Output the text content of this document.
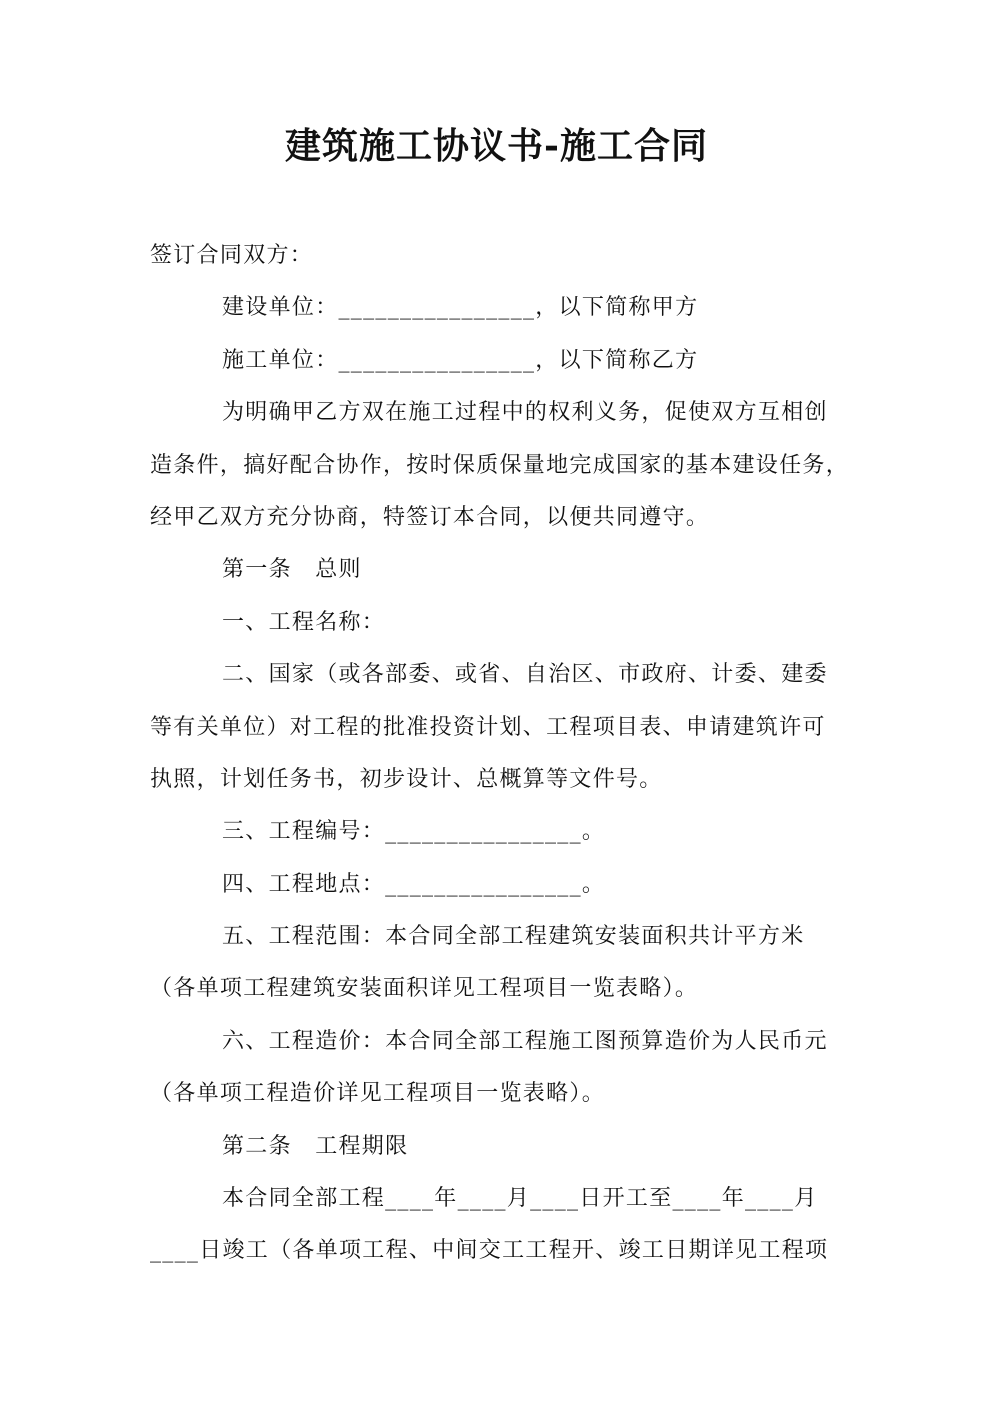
建筑施工协议书-施工合同
签订合同双方：
建设单位：________________，以下简称甲方
施工单位：________________，以下简称乙方
为明确甲乙方双在施工过程中的权利义务，促使双方互相创
造条件，搞好配合协作，按时保质保量地完成国家的基本建设任务，
经甲乙双方充分协商，特签订本合同，以便共同遵守。
第一条　总则
一、工程名称：
二、国家（或各部委、或省、自治区、市政府、计委、建委
等有关单位）对工程的批准投资计划、工程项目表、申请建筑许可
执照，计划任务书，初步设计、总概算等文件号。
三、工程编号：________________。
四、工程地点：________________。
五、工程范围：本合同全部工程建筑安装面积共计平方米
（各单项工程建筑安装面积详见工程项目一览表略）。
六、工程造价：本合同全部工程施工图预算造价为人民币元
（各单项工程造价详见工程项目一览表略）。
第二条　工程期限
本合同全部工程____年____月____日开工至____年____月
____日竣工（各单项工程、中间交工工程开、竣工日期详见工程项
